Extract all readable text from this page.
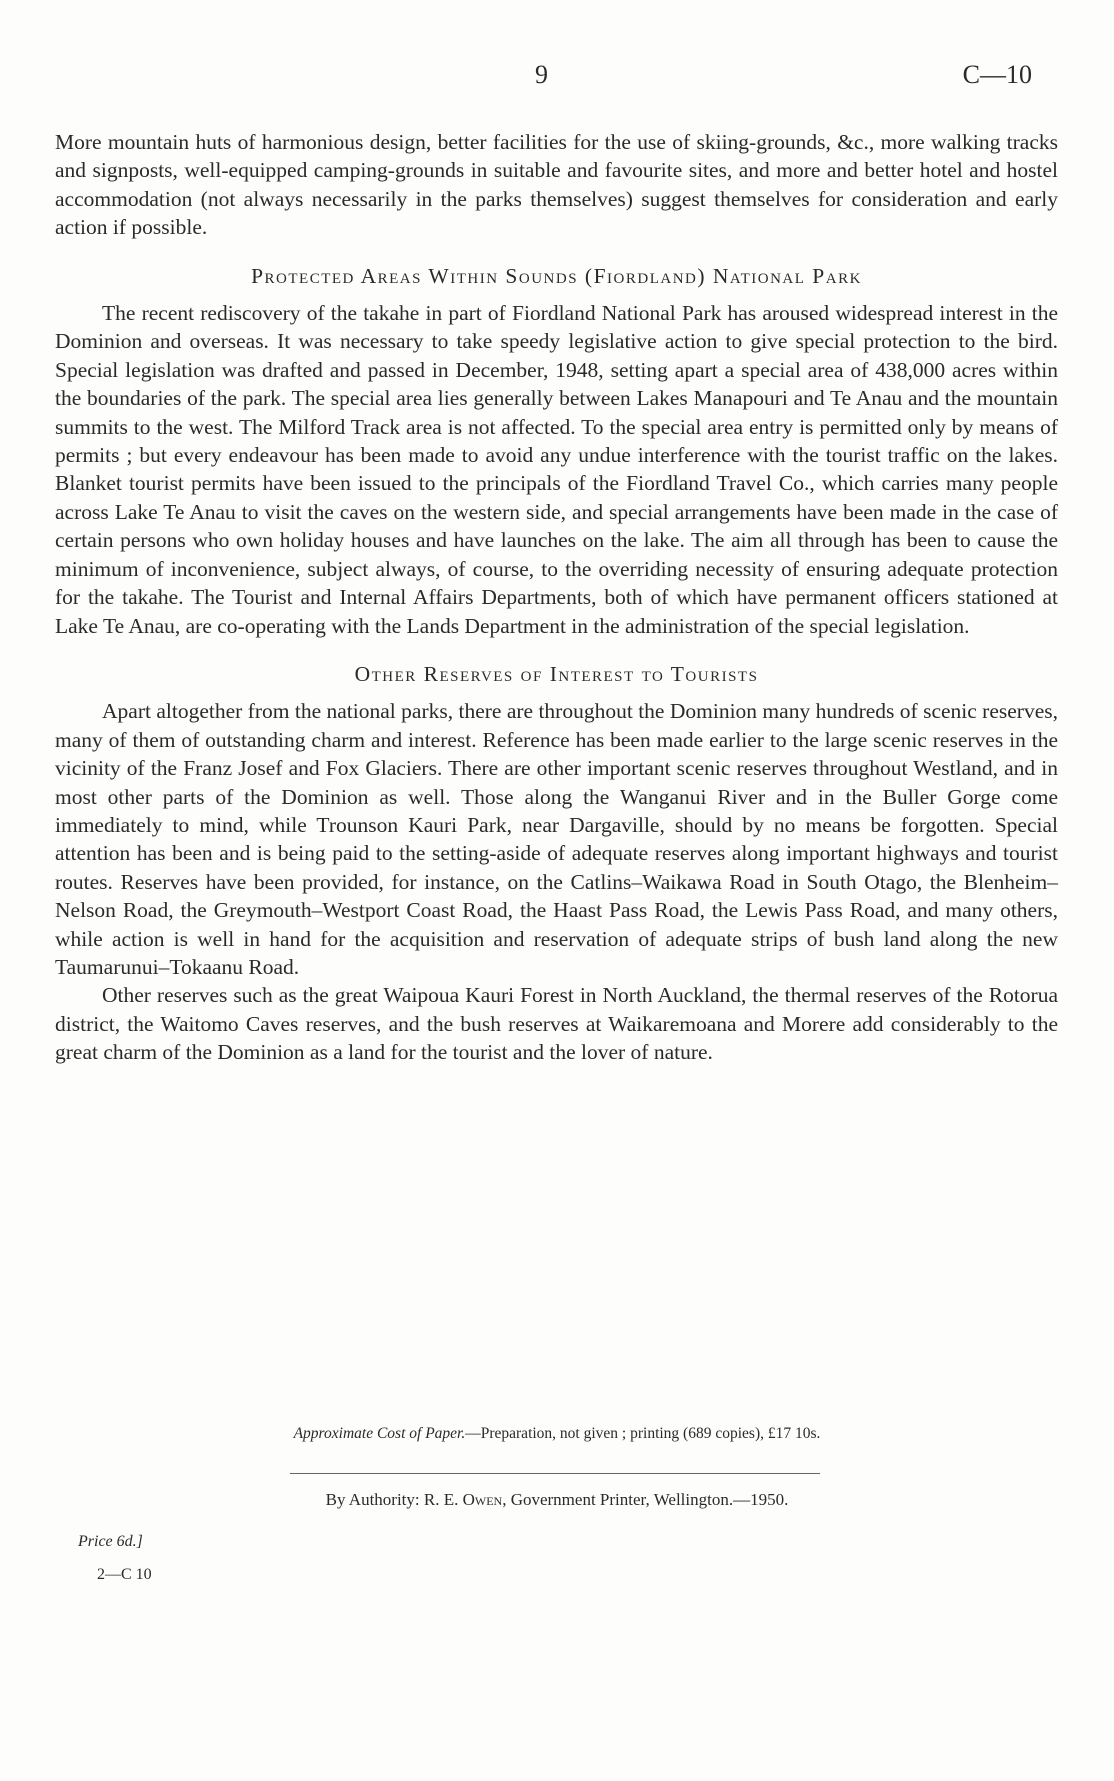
9	C—10

More mountain huts of harmonious design, better facilities for the use of skiing-grounds, &c., more walking tracks and signposts, well-equipped camping-grounds in suitable and favourite sites, and more and better hotel and hostel accommodation (not always necessarily in the parks themselves) suggest themselves for consideration and early action if possible.

Protected Areas Within Sounds (Fiordland) National Park

The recent rediscovery of the takahe in part of Fiordland National Park has aroused widespread interest in the Dominion and overseas. It was necessary to take speedy legislative action to give special protection to the bird. Special legislation was drafted and passed in December, 1948, setting apart a special area of 438,000 acres within the boundaries of the park. The special area lies generally between Lakes Manapouri and Te Anau and the mountain summits to the west. The Milford Track area is not affected. To the special area entry is permitted only by means of permits ; but every endeavour has been made to avoid any undue interference with the tourist traffic on the lakes. Blanket tourist permits have been issued to the principals of the Fiordland Travel Co., which carries many people across Lake Te Anau to visit the caves on the western side, and special arrangements have been made in the case of certain persons who own holiday houses and have launches on the lake. The aim all through has been to cause the minimum of inconvenience, subject always, of course, to the overriding necessity of ensuring adequate protection for the takahe. The Tourist and Internal Affairs Departments, both of which have permanent officers stationed at Lake Te Anau, are co-operating with the Lands Department in the administration of the special legislation.

Other Reserves of Interest to Tourists

Apart altogether from the national parks, there are throughout the Dominion many hundreds of scenic reserves, many of them of outstanding charm and interest. Reference has been made earlier to the large scenic reserves in the vicinity of the Franz Josef and Fox Glaciers. There are other important scenic reserves throughout Westland, and in most other parts of the Dominion as well. Those along the Wanganui River and in the Buller Gorge come immediately to mind, while Trounson Kauri Park, near Dargaville, should by no means be forgotten. Special attention has been and is being paid to the setting-aside of adequate reserves along important highways and tourist routes. Reserves have been provided, for instance, on the Catlins–Waikawa Road in South Otago, the Blenheim–Nelson Road, the Greymouth–Westport Coast Road, the Haast Pass Road, the Lewis Pass Road, and many others, while action is well in hand for the acquisition and reservation of adequate strips of bush land along the new Taumarunui–Tokaanu Road.

Other reserves such as the great Waipoua Kauri Forest in North Auckland, the thermal reserves of the Rotorua district, the Waitomo Caves reserves, and the bush reserves at Waikaremoana and Morere add considerably to the great charm of the Dominion as a land for the tourist and the lover of nature.

Approximate Cost of Paper.—Preparation, not given ; printing (689 copies), £17 10s.
By Authority: R. E. Owen, Government Printer, Wellington.—1950.
Price 6d.]
2—C 10
